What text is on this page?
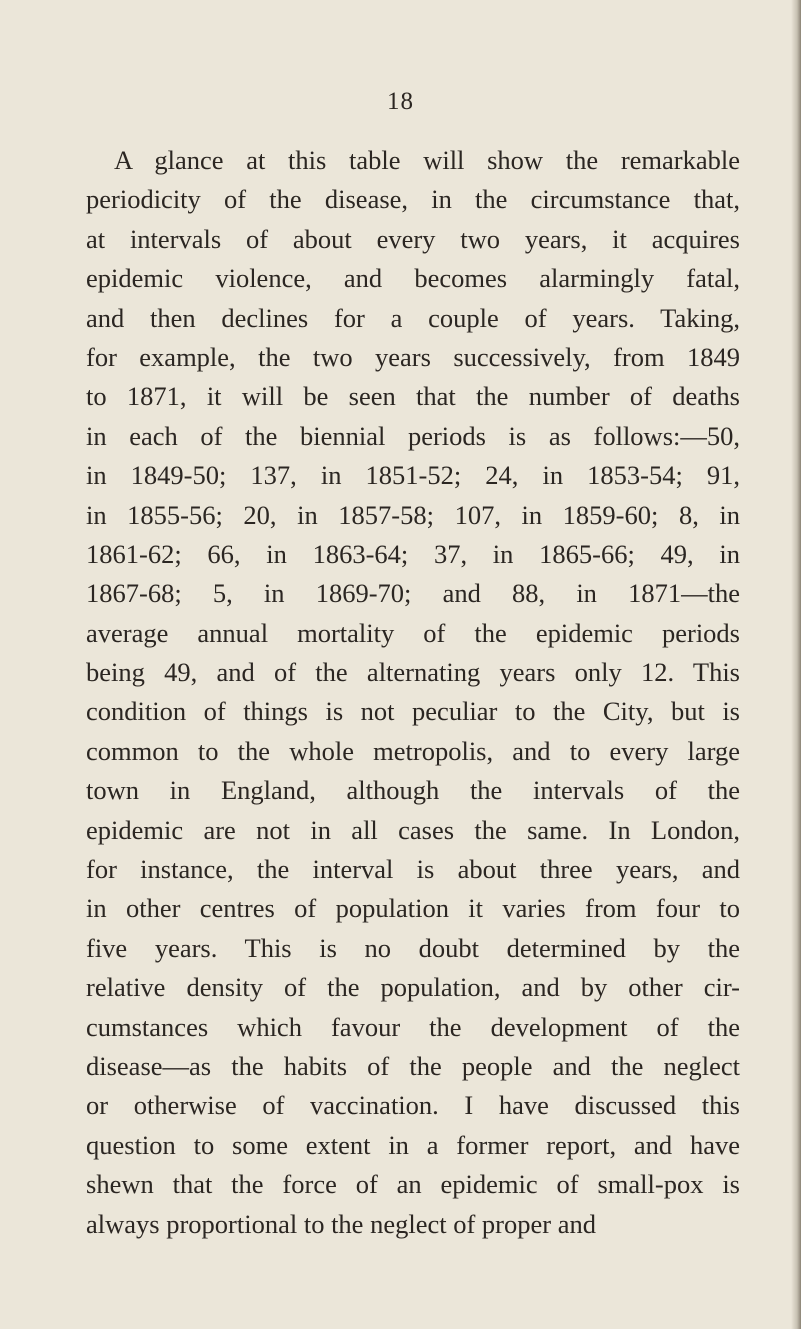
18
A glance at this table will show the remarkable
periodicity of the disease, in the circumstance that,
at intervals of about every two years, it acquires
epidemic violence, and becomes alarmingly fatal,
and then declines for a couple of years. Taking,
for example, the two years successively, from 1849
to 1871, it will be seen that the number of deaths
in each of the biennial periods is as follows:—50,
in 1849-50; 137, in 1851-52; 24, in 1853-54; 91,
in 1855-56; 20, in 1857-58; 107, in 1859-60; 8, in
1861-62; 66, in 1863-64; 37, in 1865-66; 49, in
1867-68; 5, in 1869-70; and 88, in 1871—the
average annual mortality of the epidemic periods
being 49, and of the alternating years only 12. This
condition of things is not peculiar to the City, but is
common to the whole metropolis, and to every large
town in England, although the intervals of the
epidemic are not in all cases the same. In London,
for instance, the interval is about three years, and
in other centres of population it varies from four to
five years. This is no doubt determined by the
relative density of the population, and by other cir-
cumstances which favour the development of the
disease—as the habits of the people and the neglect
or otherwise of vaccination. I have discussed this
question to some extent in a former report, and have
shewn that the force of an epidemic of small-pox is
always proportional to the neglect of proper and
